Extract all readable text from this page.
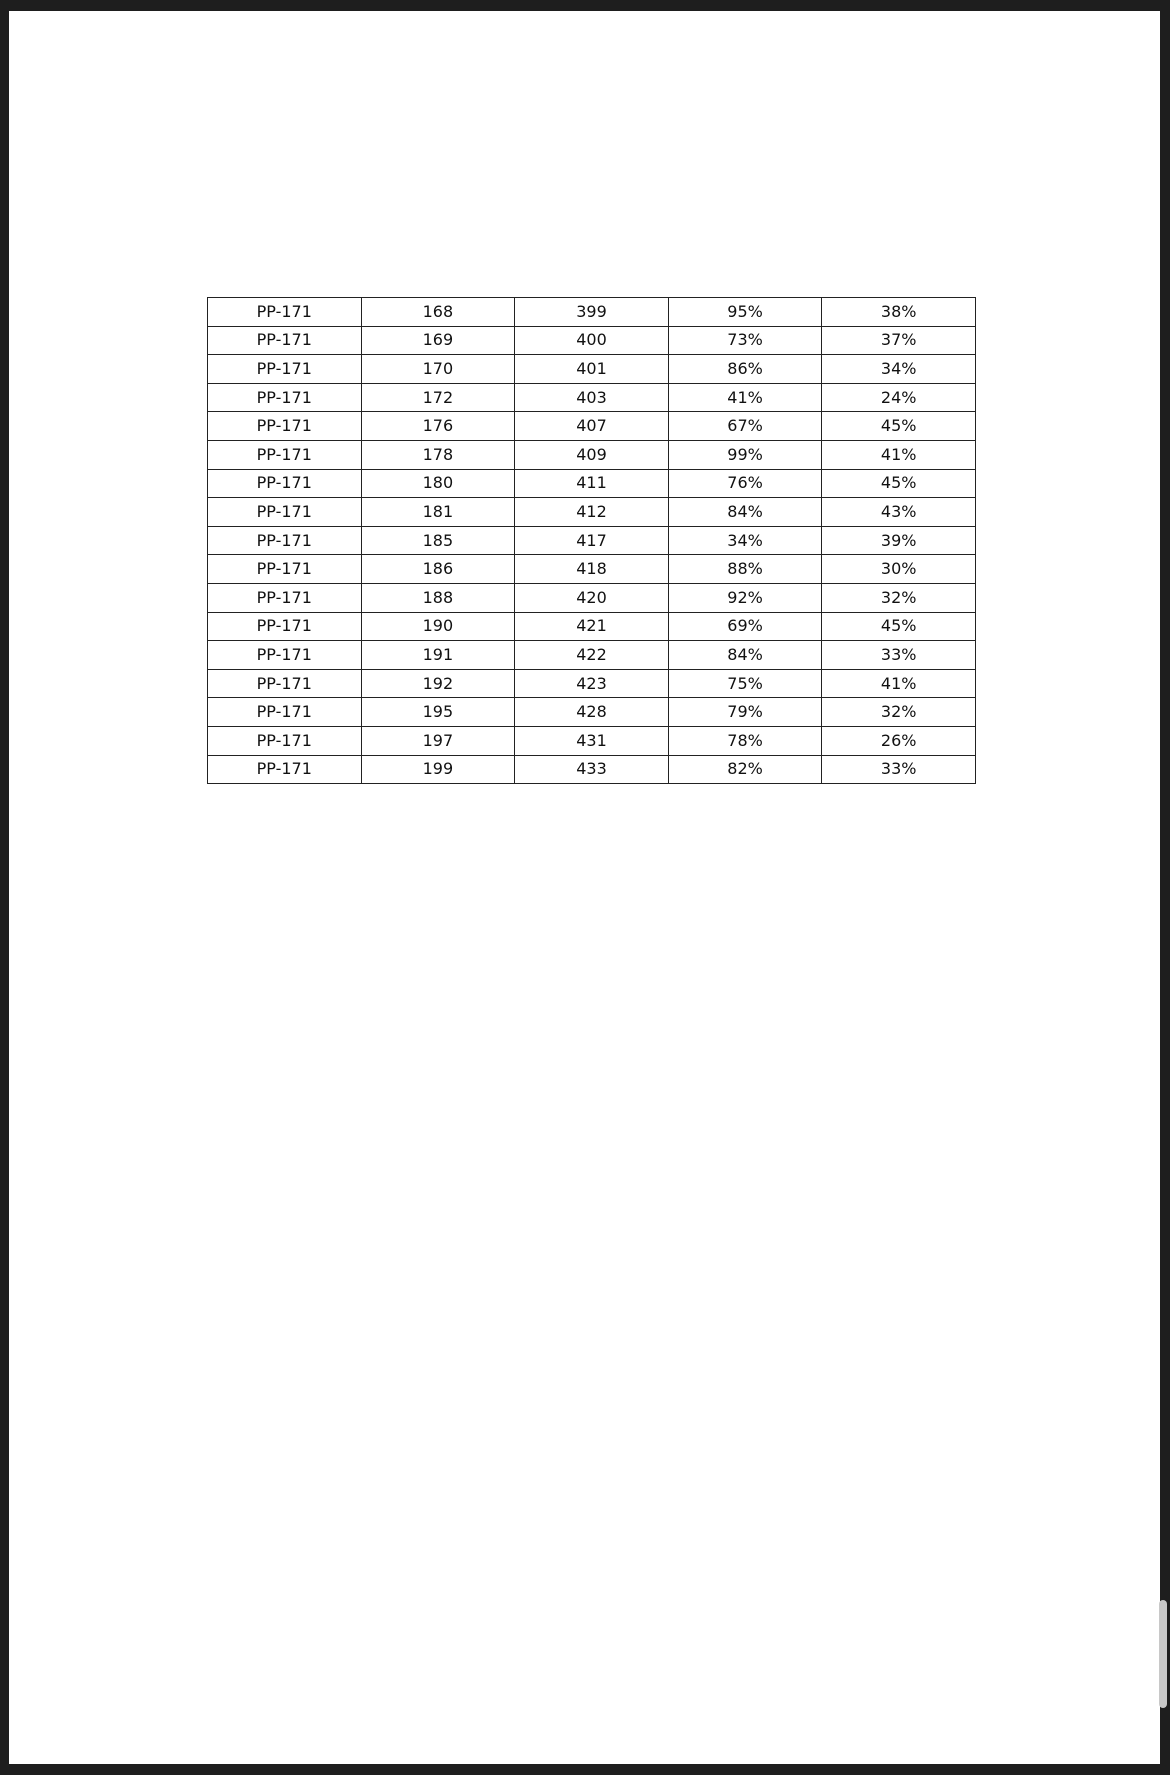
PP-171	168	399	95%	38%
PP-171	169	400	73%	37%
PP-171	170	401	86%	34%
PP-171	172	403	41%	24%
PP-171	176	407	67%	45%
PP-171	178	409	99%	41%
PP-171	180	411	76%	45%
PP-171	181	412	84%	43%
PP-171	185	417	34%	39%
PP-171	186	418	88%	30%
PP-171	188	420	92%	32%
PP-171	190	421	69%	45%
PP-171	191	422	84%	33%
PP-171	192	423	75%	41%
PP-171	195	428	79%	32%
PP-171	197	431	78%	26%
PP-171	199	433	82%	33%
